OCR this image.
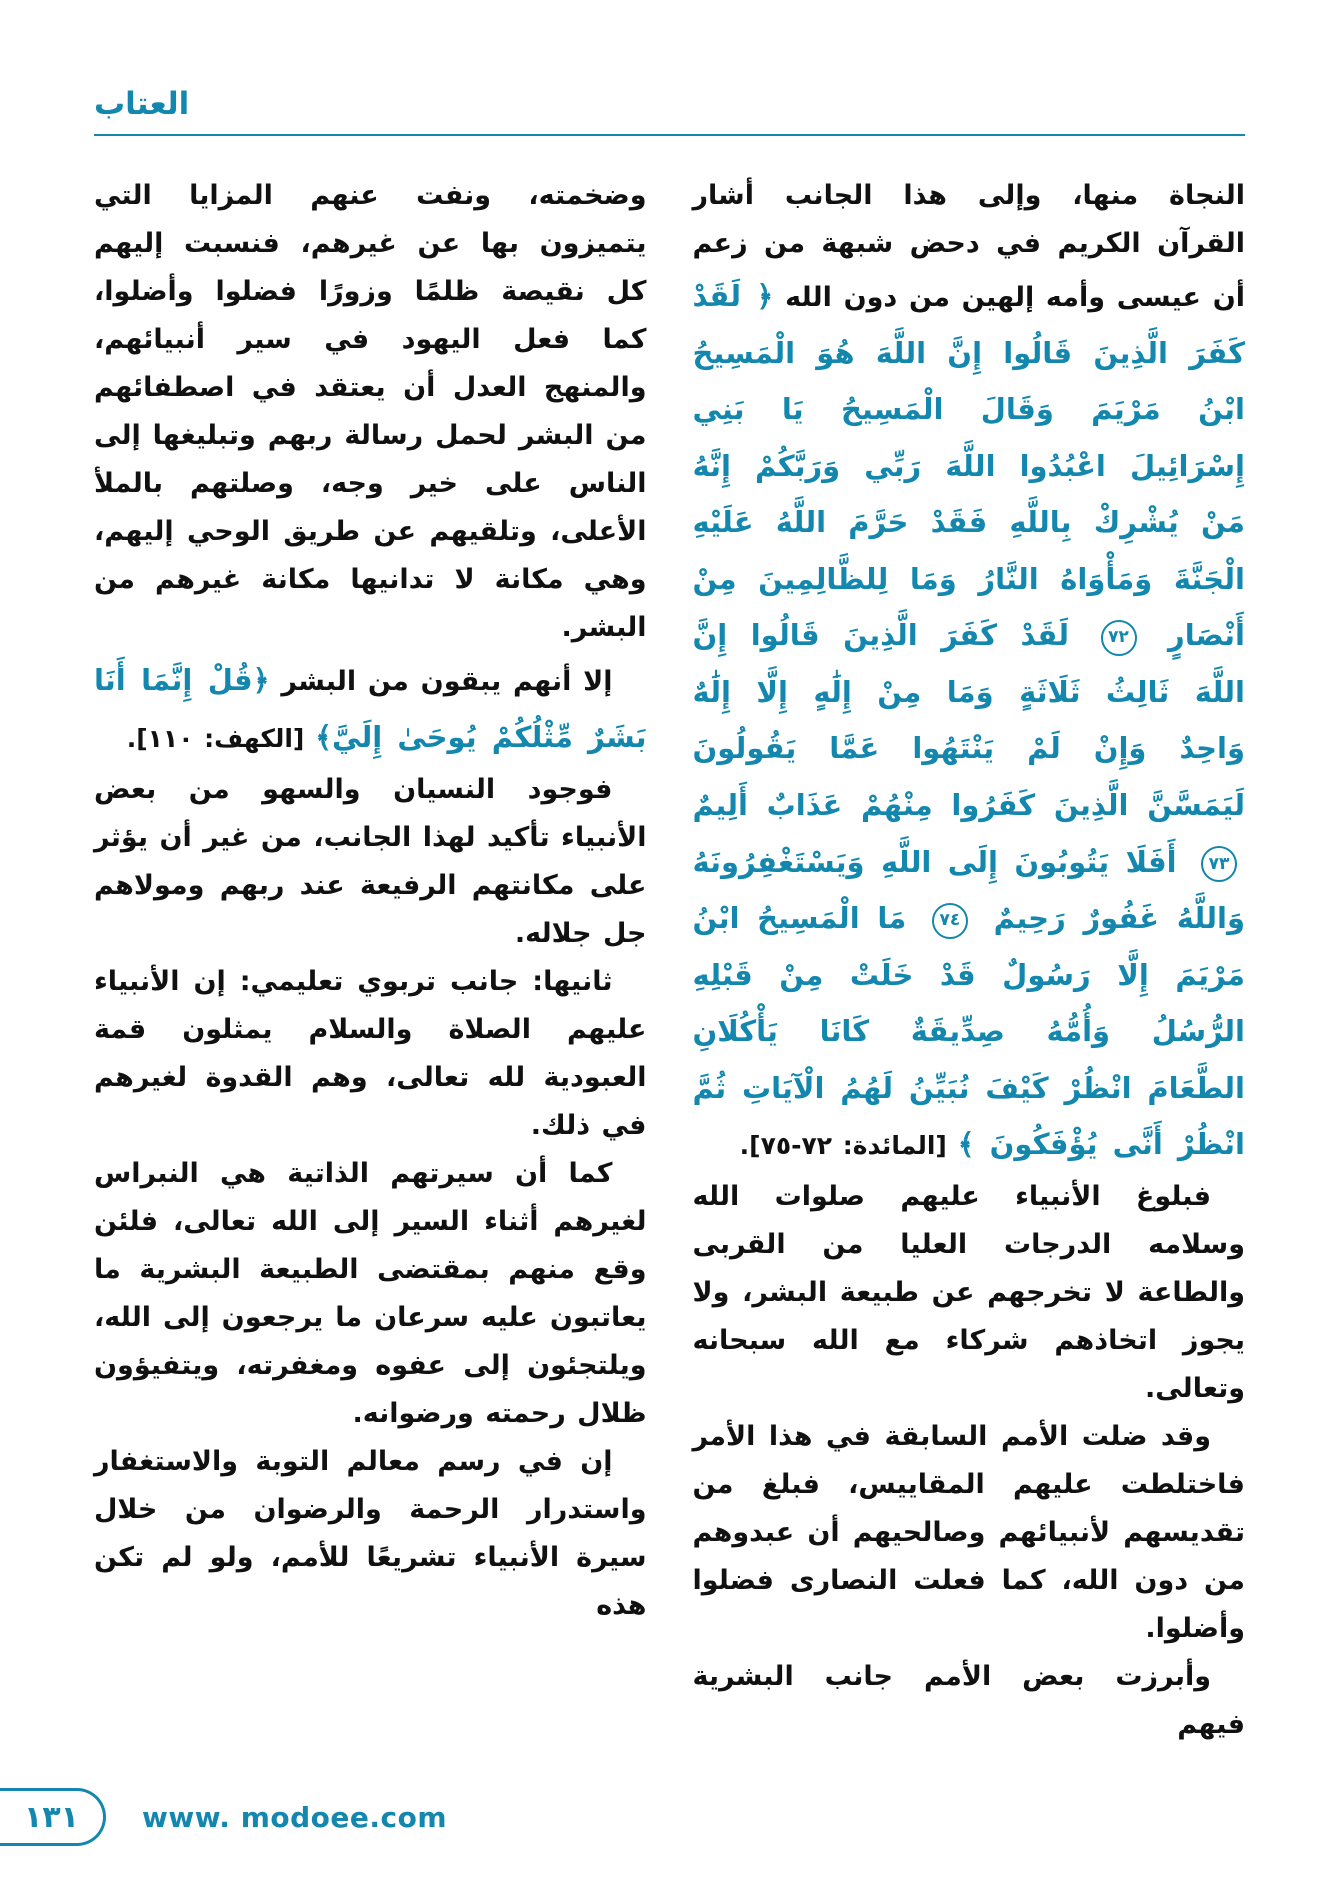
العتاب

النجاة منها، وإلى هذا الجانب أشار القرآن الكريم في دحض شبهة من زعم أن عيسى وأمه إلهين من دون الله ﴿ لَقَدْ كَفَرَ الَّذِينَ قَالُوا إِنَّ اللَّهَ هُوَ الْمَسِيحُ ابْنُ مَرْيَمَ وَقَالَ الْمَسِيحُ يَا بَنِي إِسْرَائِيلَ اعْبُدُوا اللَّهَ رَبِّي وَرَبَّكُمْ إِنَّهُ مَنْ يُشْرِكْ بِاللَّهِ فَقَدْ حَرَّمَ اللَّهُ عَلَيْهِ الْجَنَّةَ وَمَأْوَاهُ النَّارُ وَمَا لِلظَّالِمِينَ مِنْ أَنْصَارٍ ٧٢ لَقَدْ كَفَرَ الَّذِينَ قَالُوا إِنَّ اللَّهَ ثَالِثُ ثَلَاثَةٍ وَمَا مِنْ إِلَٰهٍ إِلَّا إِلَٰهٌ وَاحِدٌ وَإِنْ لَمْ يَنْتَهُوا عَمَّا يَقُولُونَ لَيَمَسَّنَّ الَّذِينَ كَفَرُوا مِنْهُمْ عَذَابٌ أَلِيمٌ ٧٣ أَفَلَا يَتُوبُونَ إِلَى اللَّهِ وَيَسْتَغْفِرُونَهُ وَاللَّهُ غَفُورٌ رَحِيمٌ ٧٤ مَا الْمَسِيحُ ابْنُ مَرْيَمَ إِلَّا رَسُولٌ قَدْ خَلَتْ مِنْ قَبْلِهِ الرُّسُلُ وَأُمُّهُ صِدِّيقَةٌ كَانَا يَأْكُلَانِ الطَّعَامَ انْظُرْ كَيْفَ نُبَيِّنُ لَهُمُ الْآيَاتِ ثُمَّ انْظُرْ أَنَّى يُؤْفَكُونَ ﴾ [المائدة: ٧٢-٧٥].

فبلوغ الأنبياء عليهم صلوات الله وسلامه الدرجات العليا من القربى والطاعة لا تخرجهم عن طبيعة البشر، ولا يجوز اتخاذهم شركاء مع الله سبحانه وتعالى.

وقد ضلت الأمم السابقة في هذا الأمر فاختلطت عليهم المقاييس، فبلغ من تقديسهم لأنبيائهم وصالحيهم أن عبدوهم من دون الله، كما فعلت النصارى فضلوا وأضلوا.

وأبرزت بعض الأمم جانب البشرية فيهم

وضخمته، ونفت عنهم المزايا التي يتميزون بها عن غيرهم، فنسبت إليهم كل نقيصة ظلمًا وزورًا فضلوا وأضلوا، كما فعل اليهود في سير أنبيائهم، والمنهج العدل أن يعتقد في اصطفائهم من البشر لحمل رسالة ربهم وتبليغها إلى الناس على خير وجه، وصلتهم بالملأ الأعلى، وتلقيهم عن طريق الوحي إليهم، وهي مكانة لا تدانيها مكانة غيرهم من البشر.

إلا أنهم يبقون من البشر ﴿قُلْ إِنَّمَا أَنَا بَشَرٌ مِّثْلُكُمْ يُوحَىٰ إِلَيَّ﴾ [الكهف: ١١٠].

فوجود النسيان والسهو من بعض الأنبياء تأكيد لهذا الجانب، من غير أن يؤثر على مكانتهم الرفيعة عند ربهم ومولاهم جل جلاله.

ثانيها: جانب تربوي تعليمي: إن الأنبياء عليهم الصلاة والسلام يمثلون قمة العبودية لله تعالى، وهم القدوة لغيرهم في ذلك.

كما أن سيرتهم الذاتية هي النبراس لغيرهم أثناء السير إلى الله تعالى، فلئن وقع منهم بمقتضى الطبيعة البشرية ما يعاتبون عليه سرعان ما يرجعون إلى الله، ويلتجئون إلى عفوه ومغفرته، ويتفيؤون ظلال رحمته ورضوانه.

إن في رسم معالم التوبة والاستغفار واستدرار الرحمة والرضوان من خلال سيرة الأنبياء تشريعًا للأمم، ولو لم تكن هذه

١٣١ www. modoee.com
